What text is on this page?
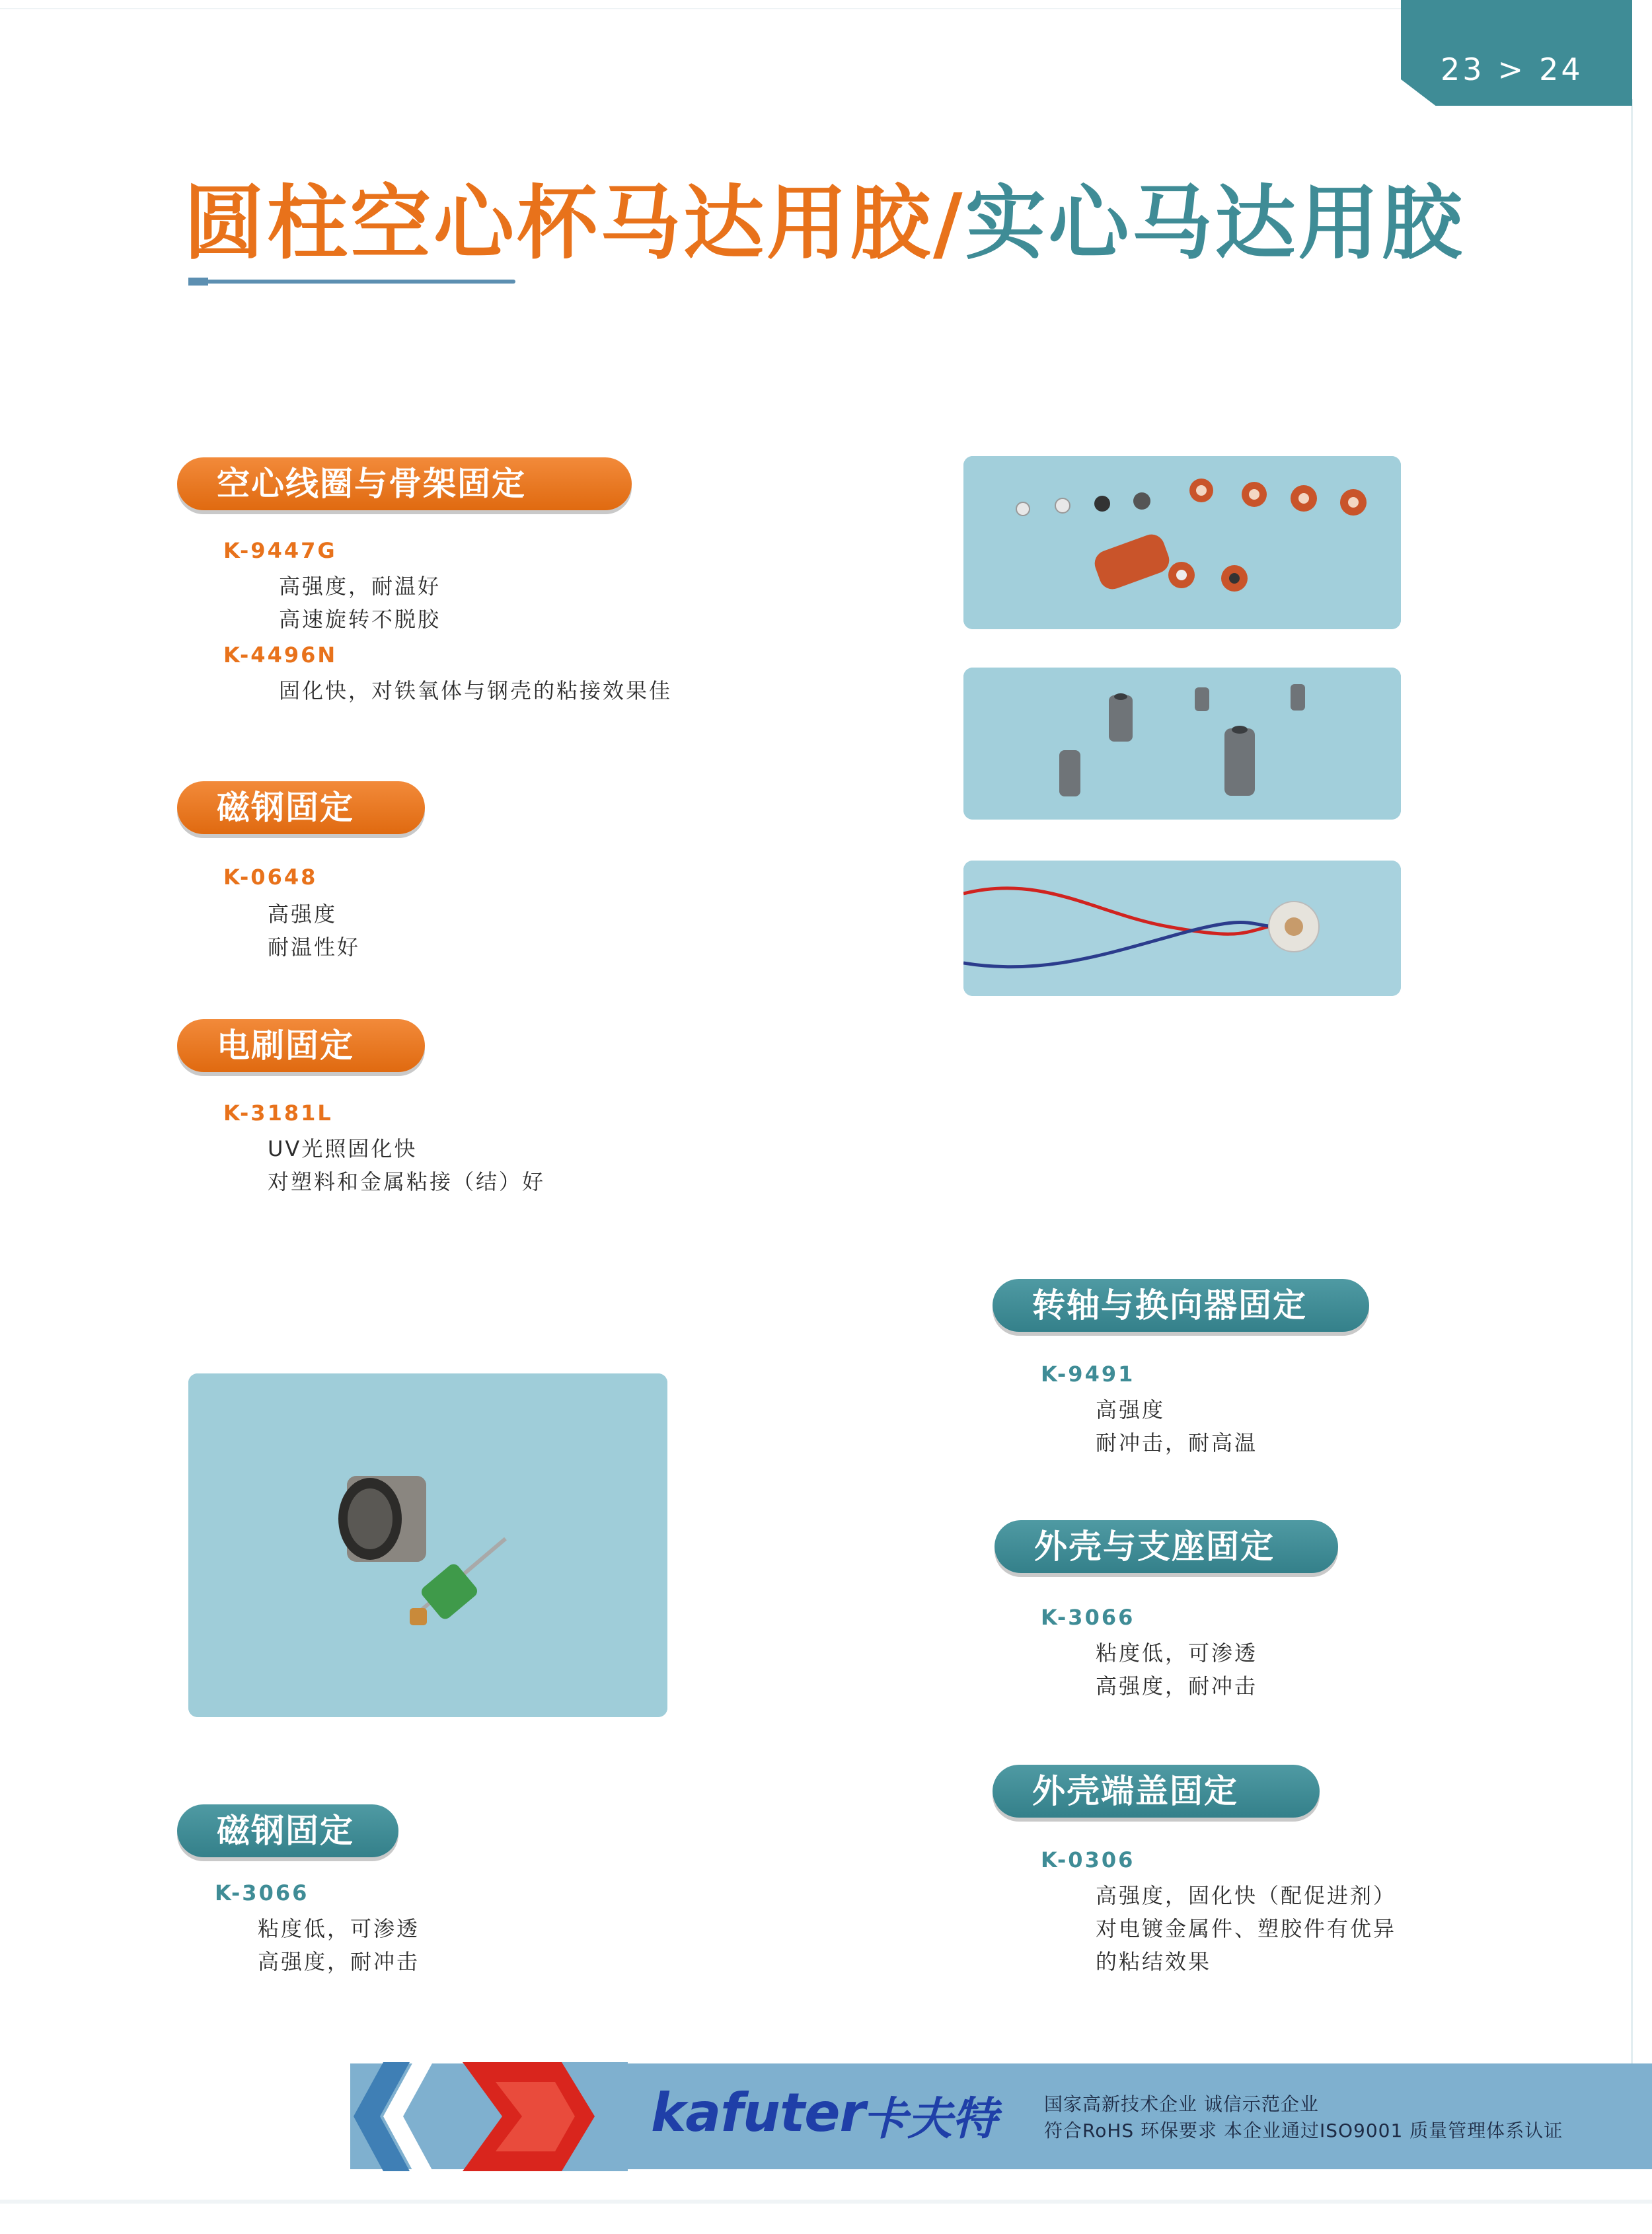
23 > 24
圆柱空心杯马达用胶/实心马达用胶
空心线圈与骨架固定
K-9447G
高强度，耐温好
高速旋转不脱胶
K-4496N
固化快，对铁氧体与钢壳的粘接效果佳
磁钢固定
K-0648
高强度
耐温性好
电刷固定
K-3181L
UV光照固化快
对塑料和金属粘接（结）好
转轴与换向器固定
K-9491
高强度
耐冲击，耐高温
外壳与支座固定
K-3066
粘度低，可渗透
高强度，耐冲击
外壳端盖固定
K-0306
高强度，固化快（配促进剂）
对电镀金属件、塑胶件有优异
的粘结效果
磁钢固定
K-3066
粘度低，可渗透
高强度，耐冲击
kafuter
卡夫特	国家高新技术企业 诚信示范企业
符合RoHS 环保要求 本企业通过ISO9001 质量管理体系认证
